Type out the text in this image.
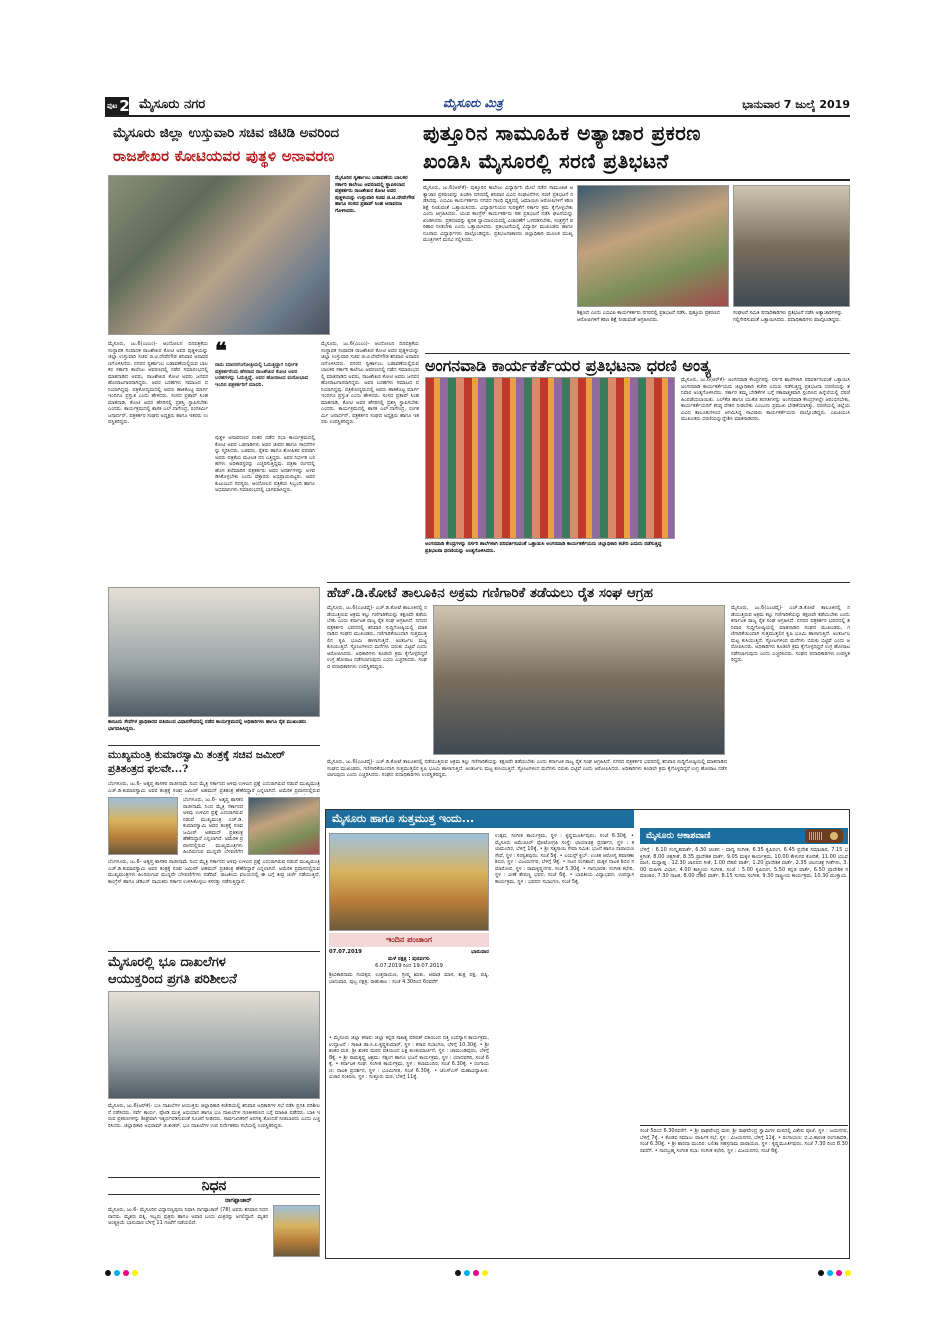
ಪುಟ 2 ಮೈಸೂರು ನಗರ	ಮೈಸೂರು ಮಿತ್ರ	ಭಾನುವಾರ 7 ಜುಲೈ 2019
ಮೈಸೂರು ಜಿಲ್ಲಾ ಉಸ್ತುವಾರಿ ಸಚಿವ ಜಿಟಿಡಿ ಅವರಿಂದ
ರಾಜಶೇಖರ ಕೋಟಿಯವರ ಪುತ್ಥಳಿ ಅನಾವರಣ
ಮೈಸೂರಿನ ಸ್ವರ್ಣಾಂಬ ಬಡಾವಣೆಯ ಬಾಲಕರ ಸರ್ಕಾರಿ ಕಾಲೇಜು ಆವರಣದಲ್ಲಿ ಸ್ಥಾಪಿಸಲಾದ ಪತ್ರಕರ್ತರು ರಾಜಶೇಖರ ಕೋಟಿ ಅವರ ಪುತ್ಥಳಿಯನ್ನು ಉಸ್ತುವಾರಿ ಸಚಿವ ಜಿ.ಟಿ.ದೇವೇಗೌಡ ಹಾಗೂ ಸಂಸದ ಪ್ರತಾಪ್ ಸಿಂಹ ಅನಾವರಣ ಗೊಳಿಸಿದರು.
ಮೈಸೂರು, ಜು.6(ಎಂಎಂ)- ಆಂದೋಲನ ದಿನಪತ್ರಿಕೆಯ ಸಂಸ್ಥಾಪಕ ಸಂಪಾದಕ ರಾಜಶೇಖರ ಕೋಟಿ ಅವರ ಪುತ್ಥಳಿಯನ್ನು ಜಿಲ್ಲಾ ಉಸ್ತುವಾರಿ ಸಚಿವ ಜಿ.ಟಿ.ದೇವೇಗೌಡ ಶನಿವಾರ ಅನಾವರಣಗೊಳಿಸಿದರು. ನಗರದ ಸ್ವರ್ಣಾಂಬ ಬಡಾವಣೆಯಲ್ಲಿರುವ ಬಾಲಕರ ಸರ್ಕಾರಿ ಕಾಲೇಜು ಆವರಣದಲ್ಲಿ ನಡೆದ ಸಮಾರಂಭದಲ್ಲಿ ಮಾತನಾಡಿದ ಅವರು, ರಾಜಶೇಖರ ಕೋಟಿ ಅವರು ಜನಪರ ಹೋರಾಟಗಾರರಾಗಿದ್ದರು. ಅವರ ಬರಹಗಳು ಸಮಾಜದ ದನಿಯಾಗಿದ್ದವು. ಪತ್ರಿಕೋದ್ಯಮದಲ್ಲಿ ಅವರು ಹಾಕಿಕೊಟ್ಟ ಮಾರ್ಗ ಇಂದಿಗೂ ಪ್ರಸ್ತುತ ಎಂದು ಹೇಳಿದರು. ಸಂಸದ ಪ್ರತಾಪ್ ಸಿಂಹ ಮಾತನಾಡಿ, ಕೋಟಿ ಅವರ ಹೆಸರಿನಲ್ಲಿ ಪ್ರಶಸ್ತಿ ಸ್ಥಾಪಿಸಬೇಕು ಎಂದರು. ಕಾರ್ಯಕ್ರಮದಲ್ಲಿ ಶಾಸಕ ಎಲ್.ನಾಗೇಂದ್ರ, ರಂಗಕರ್ಮಿ ಜನಾರ್ದನ್, ಪತ್ರಕರ್ತರ ಸಂಘದ ಅಧ್ಯಕ್ಷರು ಹಾಗೂ ಇತರರು ಉಪಸ್ಥಿತರಿದ್ದರು.
❝
ನಾನು ಮಾನಸಗಂಗೋತ್ರಿಯಲ್ಲಿ ಓದುತ್ತಿದ್ದಾಗ ನಿರ್ಭೀತ ಪತ್ರಕರ್ತರೆಂದು ಹೆಸರಾದ ರಾಜಶೇಖರ ಕೋಟಿ ಅವರ ಬರಹಗಳನ್ನು ಓದುತ್ತಿದ್ದೆ. ಅವರ ಹೋರಾಟದ ಮನೋಭಾವ ಇಂದಿನ ಪತ್ರಕರ್ತರಿಗೆ ಮಾದರಿ.
ಪುತ್ಥಳಿ ಅನಾವರಣದ ನಂತರ ನಡೆದ ಸಭಾ ಕಾರ್ಯಕ್ರಮದಲ್ಲಿ ಕೋಟಿ ಅವರ ಒಡನಾಡಿಗಳು ಅವರ ಜೀವನ ಹಾಗೂ ಸಾಧನೆಗಳನ್ನು ಸ್ಮರಿಸಿದರು. ಬಡವರು, ರೈತರು ಹಾಗೂ ಶೋಷಿತರ ಪರವಾಗಿ ಅವರು ಪತ್ರಿಕೆಯ ಮೂಲಕ ದನಿ ಎತ್ತಿದ್ದರು. ಅವರ ನಿರ್ಭೀತ ಬರಹಗಳು ಅಧಿಕಾರಸ್ಥರನ್ನು ಎಚ್ಚರಿಸುತ್ತಿದ್ದವು. ಪತ್ರಿಕಾ ರಂಗದಲ್ಲಿ ಹೊಸ ತಲೆಮಾರಿನ ಪತ್ರಕರ್ತರು ಅವರ ಆದರ್ಶಗಳನ್ನು ಅಳವಡಿಸಿಕೊಳ್ಳಬೇಕು ಎಂದು ವಕ್ತಾರರು ಅಭಿಪ್ರಾಯಪಟ್ಟರು. ಅವರ ಕುಟುಂಬದ ಸದಸ್ಯರು, ಆಂದೋಲನ ಪತ್ರಿಕೆಯ ಸಿಬ್ಬಂದಿ ಹಾಗೂ ಅಭಿಮಾನಿಗಳು ಸಮಾರಂಭದಲ್ಲಿ ಭಾಗವಹಿಸಿದ್ದರು.
ಮೈಸೂರು, ಜು.6(ಎಂಎಂ)- ಆಂದೋಲನ ದಿನಪತ್ರಿಕೆಯ ಸಂಸ್ಥಾಪಕ ಸಂಪಾದಕ ರಾಜಶೇಖರ ಕೋಟಿ ಅವರ ಪುತ್ಥಳಿಯನ್ನು ಜಿಲ್ಲಾ ಉಸ್ತುವಾರಿ ಸಚಿವ ಜಿ.ಟಿ.ದೇವೇಗೌಡ ಶನಿವಾರ ಅನಾವರಣಗೊಳಿಸಿದರು. ನಗರದ ಸ್ವರ್ಣಾಂಬ ಬಡಾವಣೆಯಲ್ಲಿರುವ ಬಾಲಕರ ಸರ್ಕಾರಿ ಕಾಲೇಜು ಆವರಣದಲ್ಲಿ ನಡೆದ ಸಮಾರಂಭದಲ್ಲಿ ಮಾತನಾಡಿದ ಅವರು, ರಾಜಶೇಖರ ಕೋಟಿ ಅವರು ಜನಪರ ಹೋರಾಟಗಾರರಾಗಿದ್ದರು. ಅವರ ಬರಹಗಳು ಸಮಾಜದ ದನಿಯಾಗಿದ್ದವು. ಪತ್ರಿಕೋದ್ಯಮದಲ್ಲಿ ಅವರು ಹಾಕಿಕೊಟ್ಟ ಮಾರ್ಗ ಇಂದಿಗೂ ಪ್ರಸ್ತುತ ಎಂದು ಹೇಳಿದರು. ಸಂಸದ ಪ್ರತಾಪ್ ಸಿಂಹ ಮಾತನಾಡಿ, ಕೋಟಿ ಅವರ ಹೆಸರಿನಲ್ಲಿ ಪ್ರಶಸ್ತಿ ಸ್ಥಾಪಿಸಬೇಕು ಎಂದರು. ಕಾರ್ಯಕ್ರಮದಲ್ಲಿ ಶಾಸಕ ಎಲ್.ನಾಗೇಂದ್ರ, ರಂಗಕರ್ಮಿ ಜನಾರ್ದನ್, ಪತ್ರಕರ್ತರ ಸಂಘದ ಅಧ್ಯಕ್ಷರು ಹಾಗೂ ಇತರರು ಉಪಸ್ಥಿತರಿದ್ದರು.
ಪುತ್ತೂರಿನ ಸಾಮೂಹಿಕ ಅತ್ಯಾಚಾರ ಪ್ರಕರಣ
ಖಂಡಿಸಿ ಮೈಸೂರಲ್ಲಿ ಸರಣಿ ಪ್ರತಿಭಟನೆ
ಮೈಸೂರು, ಜು.6(ಆರ್‌ಕೆ)- ಪುತ್ತೂರಿನ ಕಾಲೇಜು ವಿದ್ಯಾರ್ಥಿನಿ ಮೇಲೆ ನಡೆದ ಸಾಮೂಹಿಕ ಅತ್ಯಾಚಾರ ಪ್ರಕರಣವನ್ನು ಖಂಡಿಸಿ ನಗರದಲ್ಲಿ ಶನಿವಾರ ವಿವಿಧ ಸಂಘಟನೆಗಳು ಸರಣಿ ಪ್ರತಿಭಟನೆ ನಡೆಸಿದವು. ಎಬಿವಿಪಿ ಕಾರ್ಯಕರ್ತರು ನಗರದ ಗಾಂಧಿ ವೃತ್ತದಲ್ಲಿ ಜಮಾಯಿಸಿ ಆರೋಪಿಗಳಿಗೆ ಕಠಿಣ ಶಿಕ್ಷೆ ನೀಡುವಂತೆ ಒತ್ತಾಯಿಸಿದರು. ವಿದ್ಯಾರ್ಥಿನಿಯರ ಸುರಕ್ಷತೆಗೆ ಸರ್ಕಾರ ಕ್ರಮ ಕೈಗೊಳ್ಳಬೇಕು ಎಂದು ಆಗ್ರಹಿಸಿದರು. ಯುವ ಕಾಂಗ್ರೆಸ್ ಕಾರ್ಯಕರ್ತರು ಸಹ ಪ್ರತಿಭಟನೆ ನಡೆಸಿ ಘಟನೆಯನ್ನು ಖಂಡಿಸಿದರು. ಪ್ರಕರಣವನ್ನು ತ್ವರಿತ ನ್ಯಾಯಾಲಯದಲ್ಲಿ ವಿಚಾರಣೆಗೆ ಒಳಪಡಿಸಬೇಕು, ಸಂತ್ರಸ್ತೆಗೆ ಪರಿಹಾರ ನೀಡಬೇಕು ಎಂದು ಒತ್ತಾಯಿಸಿದರು. ಪ್ರತಿಭಟನೆಯಲ್ಲಿ ವಿದ್ಯಾರ್ಥಿ ಮುಖಂಡರು ಹಾಗೂ ನೂರಾರು ವಿದ್ಯಾರ್ಥಿಗಳು ಪಾಲ್ಗೊಂಡಿದ್ದರು. ಪ್ರತಿಭಟನಾಕಾರರು ಜಿಲ್ಲಾಧಿಕಾರಿ ಮೂಲಕ ಮುಖ್ಯಮಂತ್ರಿಗಳಿಗೆ ಮನವಿ ಸಲ್ಲಿಸಿದರು.
ಶಿಕ್ಷಣದ ಎಂದು ಎಬಿವಿಪಿ ಕಾರ್ಯಕರ್ತರು ನಗರದಲ್ಲಿ ಪ್ರತಿಭಟನೆ ನಡೆಸಿ, ಪುತ್ತೂರು ಪ್ರಕರಣದ ಆರೋಪಿಗಳಿಗೆ ಕಠಿಣ ಶಿಕ್ಷೆ ನೀಡುವಂತೆ ಆಗ್ರಹಿಸಿದರು.
ಸಂಘಟನೆ ಸಮಿತಿ ಪದಾಧಿಕಾರಿಗಳು ಪ್ರತಿಭಟನೆ ನಡೆಸಿ ಅತ್ಯಾಚಾರಿಗಳನ್ನು ಗಲ್ಲಿಗೇರಿಸುವಂತೆ ಒತ್ತಾಯಿಸಿದರು. ಪದಾಧಿಕಾರಿಗಳು ಪಾಲ್ಗೊಂಡಿದ್ದರು.
ಅಂಗನವಾಡಿ ಕಾರ್ಯಕರ್ತೆಯರ ಪ್ರತಿಭಟನಾ ಧರಣಿ ಅಂತ್ಯ
ಅಂಗನವಾಡಿ ಕೇಂದ್ರಗಳನ್ನು ನರ್ಸರಿ ಶಾಲೆಗಳಾಗಿ ಪರಿವರ್ತಿಸುವಂತೆ ಒತ್ತಾಯಿಸಿ ಅಂಗನವಾಡಿ ಕಾರ್ಯಕರ್ತೆಯರು ಜಿಲ್ಲಾಧಿಕಾರಿ ಕಚೇರಿ ಎದುರು ನಡೆಸುತ್ತಿದ್ದ ಪ್ರತಿಭಟನಾ ಧರಣಿಯನ್ನು ಅಂತ್ಯಗೊಳಿಸಿದರು.
ಮೈಸೂರು, ಜು.6(ಆರ್‌ಕೆ)- ಅಂಗನವಾಡಿ ಕೇಂದ್ರಗಳನ್ನು ನರ್ಸರಿ ಶಾಲೆಗಳಾಗಿ ಪರಿವರ್ತಿಸುವಂತೆ ಒತ್ತಾಯಿಸಿ ಅಂಗನವಾಡಿ ಕಾರ್ಯಕರ್ತೆಯರು ಜಿಲ್ಲಾಧಿಕಾರಿ ಕಚೇರಿ ಎದುರು ನಡೆಸುತ್ತಿದ್ದ ಪ್ರತಿಭಟನಾ ಧರಣಿಯನ್ನು ಶನಿವಾರ ಅಂತ್ಯಗೊಳಿಸಿದರು. ಸರ್ಕಾರ ತಮ್ಮ ಬೇಡಿಕೆಗಳ ಬಗ್ಗೆ ಸಕಾರಾತ್ಮಕವಾಗಿ ಸ್ಪಂದಿಸಿದ ಹಿನ್ನೆಲೆಯಲ್ಲಿ ಧರಣಿ ಹಿಂಪಡೆಯಲಾಯಿತು. ಎಲ್‌ಕೆಜಿ ಹಾಗೂ ಯುಕೆಜಿ ತರಗತಿಗಳನ್ನು ಅಂಗನವಾಡಿ ಕೇಂದ್ರಗಳಲ್ಲೇ ಆರಂಭಿಸಬೇಕು, ಕಾರ್ಯಕರ್ತೆಯರಿಗೆ ಕನಿಷ್ಠ ವೇತನ ನೀಡಬೇಕು ಎಂಬುದು ಪ್ರಮುಖ ಬೇಡಿಕೆಯಾಗಿತ್ತು. ಧರಣಿಯಲ್ಲಿ ಜಿಲ್ಲೆಯ ವಿವಿಧ ತಾಲೂಕುಗಳಿಂದ ಆಗಮಿಸಿದ್ದ ಸಾವಿರಾರು ಕಾರ್ಯಕರ್ತೆಯರು ಪಾಲ್ಗೊಂಡಿದ್ದರು. ಎಐಟಿಯುಸಿ ಮುಖಂಡರು ಧರಣಿಯನ್ನುದ್ದೇಶಿಸಿ ಮಾತನಾಡಿದರು.
ಕಾನೂನು ಸೇವೆಗಳ ಪ್ರಾಧಿಕಾರದ ವತಿಯಿಂದ ವಿಧಾನಸೌಧದಲ್ಲಿ ನಡೆದ ಕಾರ್ಯಕ್ರಮದಲ್ಲಿ ಅಧಿಕಾರಿಗಳು ಹಾಗೂ ರೈತ ಮುಖಂಡರು ಭಾಗವಹಿಸಿದ್ದರು.
ಹೆಚ್.ಡಿ.ಕೋಟೆ ತಾಲೂಕಿನ ಅಕ್ರಮ ಗಣಿಗಾರಿಕೆ ತಡೆಯಲು ರೈತ ಸಂಘ ಆಗ್ರಹ
ಮೈಸೂರು, ಜು.6(ಎಂಟಿವೈ)- ಎಚ್.ಡಿ.ಕೋಟೆ ತಾಲೂಕಿನಲ್ಲಿ ನಡೆಯುತ್ತಿರುವ ಅಕ್ರಮ ಕಲ್ಲು ಗಣಿಗಾರಿಕೆಯನ್ನು ತಕ್ಷಣವೇ ತಡೆಯಬೇಕು ಎಂದು ಕರ್ನಾಟಕ ರಾಜ್ಯ ರೈತ ಸಂಘ ಆಗ್ರಹಿಸಿದೆ. ನಗರದ ಪತ್ರಕರ್ತರ ಭವನದಲ್ಲಿ ಶನಿವಾರ ಸುದ್ದಿಗೋಷ್ಠಿಯಲ್ಲಿ ಮಾತನಾಡಿದ ಸಂಘದ ಮುಖಂಡರು, ಗಣಿಗಾರಿಕೆಯಿಂದಾಗಿ ಸುತ್ತಮುತ್ತಲಿನ ಕೃಷಿ ಭೂಮಿ ಹಾಳಾಗುತ್ತಿದೆ. ಅಂತರ್ಜಲ ಮಟ್ಟ ಕುಸಿಯುತ್ತಿದೆ. ಸ್ಫೋಟಗಳಿಂದ ಮನೆಗಳು ಬಿರುಕು ಬಿಟ್ಟಿವೆ ಎಂದು ಆರೋಪಿಸಿದರು. ಅಧಿಕಾರಿಗಳು ಕೂಡಲೇ ಕ್ರಮ ಕೈಗೊಳ್ಳದಿದ್ದರೆ ಉಗ್ರ ಹೋರಾಟ ನಡೆಸಲಾಗುವುದು ಎಂದು ಎಚ್ಚರಿಸಿದರು. ಸಂಘದ ಪದಾಧಿಕಾರಿಗಳು ಉಪಸ್ಥಿತರಿದ್ದರು.
ಮೈಸೂರು, ಜು.6(ಎಂಟಿವೈ)- ಎಚ್.ಡಿ.ಕೋಟೆ ತಾಲೂಕಿನಲ್ಲಿ ನಡೆಯುತ್ತಿರುವ ಅಕ್ರಮ ಕಲ್ಲು ಗಣಿಗಾರಿಕೆಯನ್ನು ತಕ್ಷಣವೇ ತಡೆಯಬೇಕು ಎಂದು ಕರ್ನಾಟಕ ರಾಜ್ಯ ರೈತ ಸಂಘ ಆಗ್ರಹಿಸಿದೆ. ನಗರದ ಪತ್ರಕರ್ತರ ಭವನದಲ್ಲಿ ಶನಿವಾರ ಸುದ್ದಿಗೋಷ್ಠಿಯಲ್ಲಿ ಮಾತನಾಡಿದ ಸಂಘದ ಮುಖಂಡರು, ಗಣಿಗಾರಿಕೆಯಿಂದಾಗಿ ಸುತ್ತಮುತ್ತಲಿನ ಕೃಷಿ ಭೂಮಿ ಹಾಳಾಗುತ್ತಿದೆ. ಅಂತರ್ಜಲ ಮಟ್ಟ ಕುಸಿಯುತ್ತಿದೆ. ಸ್ಫೋಟಗಳಿಂದ ಮನೆಗಳು ಬಿರುಕು ಬಿಟ್ಟಿವೆ ಎಂದು ಆರೋಪಿಸಿದರು. ಅಧಿಕಾರಿಗಳು ಕೂಡಲೇ ಕ್ರಮ ಕೈಗೊಳ್ಳದಿದ್ದರೆ ಉಗ್ರ ಹೋರಾಟ ನಡೆಸಲಾಗುವುದು ಎಂದು ಎಚ್ಚರಿಸಿದರು. ಸಂಘದ ಪದಾಧಿಕಾರಿಗಳು ಉಪಸ್ಥಿತರಿದ್ದರು.
ಮೈಸೂರು, ಜು.6(ಎಂಟಿವೈ)- ಎಚ್.ಡಿ.ಕೋಟೆ ತಾಲೂಕಿನಲ್ಲಿ ನಡೆಯುತ್ತಿರುವ ಅಕ್ರಮ ಕಲ್ಲು ಗಣಿಗಾರಿಕೆಯನ್ನು ತಕ್ಷಣವೇ ತಡೆಯಬೇಕು ಎಂದು ಕರ್ನಾಟಕ ರಾಜ್ಯ ರೈತ ಸಂಘ ಆಗ್ರಹಿಸಿದೆ. ನಗರದ ಪತ್ರಕರ್ತರ ಭವನದಲ್ಲಿ ಶನಿವಾರ ಸುದ್ದಿಗೋಷ್ಠಿಯಲ್ಲಿ ಮಾತನಾಡಿದ ಸಂಘದ ಮುಖಂಡರು, ಗಣಿಗಾರಿಕೆಯಿಂದಾಗಿ ಸುತ್ತಮುತ್ತಲಿನ ಕೃಷಿ ಭೂಮಿ ಹಾಳಾಗುತ್ತಿದೆ. ಅಂತರ್ಜಲ ಮಟ್ಟ ಕುಸಿಯುತ್ತಿದೆ. ಸ್ಫೋಟಗಳಿಂದ ಮನೆಗಳು ಬಿರುಕು ಬಿಟ್ಟಿವೆ ಎಂದು ಆರೋಪಿಸಿದರು. ಅಧಿಕಾರಿಗಳು ಕೂಡಲೇ ಕ್ರಮ ಕೈಗೊಳ್ಳದಿದ್ದರೆ ಉಗ್ರ ಹೋರಾಟ ನಡೆಸಲಾಗುವುದು ಎಂದು ಎಚ್ಚರಿಸಿದರು. ಸಂಘದ ಪದಾಧಿಕಾರಿಗಳು ಉಪಸ್ಥಿತರಿದ್ದರು.
ಮುಖ್ಯಮಂತ್ರಿ ಕುಮಾರಸ್ವಾಮಿ ತಂತ್ರಕ್ಕೆ ಸಚಿವ ಜಮೀರ್ ಪ್ರತಿತಂತ್ರದ ಫಲವೇ...?
ಬೆಂಗಳೂರು, ಜು.6- ಅತೃಪ್ತ ಶಾಸಕರ ರಾಜೀನಾಮೆ ನಿಂದ ಮೈತ್ರಿ ಸರ್ಕಾರದ ಅಳಿವು ಉಳಿವಿನ ಪ್ರಶ್ನೆ ಎದುರಾಗಿರುವ ನಡುವೆ ಮುಖ್ಯಮಂತ್ರಿ ಎಚ್.ಡಿ.ಕುಮಾರಸ್ವಾಮಿ ಅವರ ತಂತ್ರಕ್ಕೆ ಸಚಿವ ಜಮೀರ್ ಅಹಮದ್ ಪ್ರತಿತಂತ್ರ ಹೆಣೆದಿದ್ದಾರೆ ಎನ್ನಲಾಗಿದೆ. ಅಮೆರಿಕ ಪ್ರವಾಸದಲ್ಲಿರುವ
ಬೆಂಗಳೂರು, ಜು.6- ಅತೃಪ್ತ ಶಾಸಕರ ರಾಜೀನಾಮೆ ನಿಂದ ಮೈತ್ರಿ ಸರ್ಕಾರದ ಅಳಿವು ಉಳಿವಿನ ಪ್ರಶ್ನೆ ಎದುರಾಗಿರುವ ನಡುವೆ ಮುಖ್ಯಮಂತ್ರಿ ಎಚ್.ಡಿ.ಕುಮಾರಸ್ವಾಮಿ ಅವರ ತಂತ್ರಕ್ಕೆ ಸಚಿವ ಜಮೀರ್ ಅಹಮದ್ ಪ್ರತಿತಂತ್ರ ಹೆಣೆದಿದ್ದಾರೆ ಎನ್ನಲಾಗಿದೆ. ಅಮೆರಿಕ ಪ್ರವಾಸದಲ್ಲಿರುವ ಮುಖ್ಯಮಂತ್ರಿಗಳು ಹಿಂದಿರುಗುವ ಮುನ್ನವೇ ಬೆಳವಣಿಗೆಗ
ಬೆಂಗಳೂರು, ಜು.6- ಅತೃಪ್ತ ಶಾಸಕರ ರಾಜೀನಾಮೆ ನಿಂದ ಮೈತ್ರಿ ಸರ್ಕಾರದ ಅಳಿವು ಉಳಿವಿನ ಪ್ರಶ್ನೆ ಎದುರಾಗಿರುವ ನಡುವೆ ಮುಖ್ಯಮಂತ್ರಿ ಎಚ್.ಡಿ.ಕುಮಾರಸ್ವಾಮಿ ಅವರ ತಂತ್ರಕ್ಕೆ ಸಚಿವ ಜಮೀರ್ ಅಹಮದ್ ಪ್ರತಿತಂತ್ರ ಹೆಣೆದಿದ್ದಾರೆ ಎನ್ನಲಾಗಿದೆ. ಅಮೆರಿಕ ಪ್ರವಾಸದಲ್ಲಿರುವ ಮುಖ್ಯಮಂತ್ರಿಗಳು ಹಿಂದಿರುಗುವ ಮುನ್ನವೇ ಬೆಳವಣಿಗೆಗಳು ನಡೆದಿವೆ. ರಾಜಕೀಯ ವಲಯದಲ್ಲಿ ಈ ಬಗ್ಗೆ ತೀವ್ರ ಚರ್ಚೆ ನಡೆಯುತ್ತಿದೆ. ಕಾಂಗ್ರೆಸ್ ಹಾಗೂ ಜೆಡಿಎಸ್ ನಾಯಕರು ಸರ್ಕಾರ ಉಳಿಸಿಕೊಳ್ಳಲು ಕಸರತ್ತು ನಡೆಸುತ್ತಿದ್ದಾರೆ.
ಮೈಸೂರಲ್ಲಿ ಭೂ ದಾಖಲೆಗಳ
ಆಯುಕ್ತರಿಂದ ಪ್ರಗತಿ ಪರಿಶೀಲನೆ
ಮೈಸೂರು, ಜು.6(ಆರ್‌ಕೆ)- ಭೂ ದಾಖಲೆಗಳ ಆಯುಕ್ತರು ಜಿಲ್ಲಾಧಿಕಾರಿ ಕಚೇರಿಯಲ್ಲಿ ಶನಿವಾರ ಅಧಿಕಾರಿಗಳ ಸಭೆ ನಡೆಸಿ ಪ್ರಗತಿ ಪರಿಶೀಲನೆ ನಡೆಸಿದರು. ಸರ್ವೆ ಕಾರ್ಯ, ಪೋಡಿ ಮುಕ್ತ ಅಭಿಯಾನ ಹಾಗೂ ಭೂ ದಾಖಲೆಗಳ ಗಣಕೀಕರಣದ ಬಗ್ಗೆ ಮಾಹಿತಿ ಪಡೆದರು. ಬಾಕಿ ಇರುವ ಪ್ರಕರಣಗಳನ್ನು ಶೀಘ್ರವಾಗಿ ಇತ್ಯರ್ಥಪಡಿಸುವಂತೆ ಸೂಚನೆ ನೀಡಿದರು. ಸಾರ್ವಜನಿಕರಿಗೆ ಅನಗತ್ಯ ತೊಂದರೆ ನೀಡಬಾರದು ಎಂದು ಎಚ್ಚರಿಸಿದರು. ಜಿಲ್ಲಾಧಿಕಾರಿ ಅಭಿರಾಮ್ ಜಿ.ಶಂಕರ್, ಭೂ ದಾಖಲೆಗಳ ಉಪ ನಿರ್ದೇಶಕರು ಸಭೆಯಲ್ಲಿ ಉಪಸ್ಥಿತರಿದ್ದರು.
ನಿಧನ
ನಾಗಪ್ಪಾಚಾರ್
ಮೈಸೂರು, ಜು.6- ಮೈಸೂರಿನ ವಿದ್ಯಾರಣ್ಯಪುರಂ ನಿವಾಸಿ ನಾಗಪ್ಪಾಚಾರ್ (78) ಅವರು ಶನಿವಾರ ನಿಧನರಾದರು. ಮೃತರು ಪತ್ನಿ, ಇಬ್ಬರು ಪುತ್ರರು ಹಾಗೂ ಅಪಾರ ಬಂಧು ಮಿತ್ರರನ್ನು ಅಗಲಿದ್ದಾರೆ. ಮೃತರ ಅಂತ್ಯಕ್ರಿಯೆ ಭಾನುವಾರ ಬೆಳಿಗ್ಗೆ 11 ಗಂಟೆಗೆ ನಡೆಯಲಿದೆ.
ಮೈಸೂರು ಹಾಗೂ ಸುತ್ತಮುತ್ತ ಇಂದು...
ಇಂದಿನ ಪಂಚಾಂಗ
07.07.2019	ಭಾನುವಾರ
ಮಳೆ ನಕ್ಷತ್ರ : ಪುನರ್ವಸು
6.07.2019 ರಿಂದ 19.07.2019
ಶ್ರೀವಿಕಾರಿನಾಮ ಸಂವತ್ಸರ, ಉತ್ತರಾಯಣ, ಗ್ರೀಷ್ಮ ಋತು, ಆಷಾಢ ಮಾಸ, ಶುಕ್ಲ ಪಕ್ಷ, ಷಷ್ಠಿ, ಭಾನುವಾರ, ಪುಬ್ಬ ನಕ್ಷತ್ರ. ರಾಹುಕಾಲ : ಸಂಜೆ 4.30ರಿಂದ 6ರವರೆಗೆ
• ಮೈಸೂರು ಜಿಲ್ಲಾ ಕಸಾಪ: ಜಿಲ್ಲಾ ಕನ್ನಡ ಸಾಹಿತ್ಯ ಪರಿಷತ್ ವತಿಯಿಂದ ದತ್ತಿ ಉಪನ್ಯಾಸ ಕಾರ್ಯಕ್ರಮ, ಉದ್ಘಾಟನೆ : ಸಾಹಿತಿ ಡಾ.ಸಿ.ಪಿ.ಕೃಷ್ಣಕುಮಾರ್, ಸ್ಥಳ : ಕಸಾಪ ಸಭಾಂಗಣ, ಬೆಳಿಗ್ಗೆ 10.30ಕ್ಕೆ. • ಶ್ರೀ ಶಂಕರ ಮಠ: ಶ್ರೀ ಶಂಕರ ಮಠದ ವತಿಯಿಂದ ಲಕ್ಷ ಕುಂಕುಮಾರ್ಚನೆ, ಸ್ಥಳ : ಚಾಮುಂಡಿಪುರಂ, ಬೆಳಿಗ್ಗೆ 8ಕ್ಕೆ. • ಶ್ರೀ ರಾಮಕೃಷ್ಣ ಆಶ್ರಮ: ಸತ್ಸಂಗ ಹಾಗೂ ಭಜನೆ ಕಾರ್ಯಕ್ರಮ, ಸ್ಥಳ : ಯಾದವಗಿರಿ, ಸಂಜೆ 6ಕ್ಕೆ. • ಕರ್ನಾಟಕ ಸಂಘ: ಸಂಗೀತ ಕಾರ್ಯಕ್ರಮ, ಸ್ಥಳ : ಕಲಾಮಂದಿರ, ಸಂಜೆ 6.30ಕ್ಕೆ. • ರಂಗಾಯಣ: ನಾಟಕ ಪ್ರದರ್ಶನ, ಸ್ಥಳ : ಭೂಮಿಗೀತ, ಸಂಜೆ 6.30ಕ್ಕೆ. • ಜೆಎಸ್‌ಎಸ್ ಮಹಾವಿದ್ಯಾಪೀಠ: ವಿಚಾರ ಸಂಕಿರಣ, ಸ್ಥಳ : ಸುತ್ತೂರು ಮಠ, ಬೆಳಿಗ್ಗೆ 11ಕ್ಕೆ.
ಉತ್ಸವ, ಸಂಗೀತ ಕಾರ್ಯಕ್ರಮ, ಸ್ಥಳ : ಕೃಷ್ಣಮೂರ್ತಿಪುರಂ, ಸಂಜೆ 6.30ಕ್ಕೆ. • ಮೈಸೂರು ಅಮೆಚೂರ್ ಫೋಟೋಗ್ರಫಿ ಸಂಸ್ಥೆ: ಛಾಯಾಚಿತ್ರ ಪ್ರದರ್ಶನ, ಸ್ಥಳ : ಕಲಾಮಂದಿರ, ಬೆಳಿಗ್ಗೆ 10ಕ್ಕೆ. • ಶ್ರೀ ಸತ್ಯಸಾಯಿ ಸೇವಾ ಸಮಿತಿ: ಭಜನೆ ಹಾಗೂ ನಾರಾಯಣ ಸೇವೆ, ಸ್ಥಳ : ಸರಸ್ವತಿಪುರಂ, ಸಂಜೆ 5ಕ್ಕೆ. • ಲಯನ್ಸ್ ಕ್ಲಬ್: ಉಚಿತ ಆರೋಗ್ಯ ತಪಾಸಣಾ ಶಿಬಿರ, ಸ್ಥಳ : ವಿಜಯನಗರ, ಬೆಳಿಗ್ಗೆ 9ಕ್ಕೆ. • ನಟನ ರಂಗಶಾಲೆ: ಮಕ್ಕಳ ನಾಟಕ ಶಿಬಿರ ಸಮಾರೋಪ, ಸ್ಥಳ : ರಾಮಕೃಷ್ಣನಗರ, ಸಂಜೆ 5.30ಕ್ಕೆ. • ಗಾನಭಾರತಿ: ಸಂಗೀತ ಕಛೇರಿ, ಸ್ಥಳ : ವೀಣೆ ಶೇಷಣ್ಣ ಭವನ, ಸಂಜೆ 6ಕ್ಕೆ. • ಭಾರತೀಯ ವಿದ್ಯಾಭವನ: ಉಪನ್ಯಾಸ ಕಾರ್ಯಕ್ರಮ, ಸ್ಥಳ : ಭವನದ ಸಭಾಂಗಣ, ಸಂಜೆ 5ಕ್ಕೆ.
ಮೈಸೂರು ಆಕಾಶವಾಣಿ
ಬೆಳಿಗ್ಗೆ : 6.10 ಸಂಸ್ಕೃತವಾರ್ತೆ, 6.30 ಚಿಂತನ - ವಾದ್ಯ ಸಂಗೀತ, 6.35 ಕೃಷಿರಂಗ, 6.45 ಪ್ರದೇಶ ಸಮಾಚಾರ, 7.15 ಭಕ್ತಿಗೀತೆ, 8.00 ಚಿತ್ರಗೀತೆ, 8.35 ಪ್ರಾದೇಶಿಕ ವಾರ್ತೆ, 9.05 ಮಕ್ಕಳ ಕಾರ್ಯಕ್ರಮ, 10.00 ಕೇಳುಗರ ಕೋರಿಕೆ, 11.00 ಯುವವಾಣಿ, ಮಧ್ಯಾಹ್ನ : 12.30 ಜಾನಪದ ಗೀತೆ, 1.00 ದೆಹಲಿ ವಾರ್ತೆ, 1.20 ಪ್ರಾದೇಶಿಕ ವಾರ್ತೆ, 2.35 ಚಲನಚಿತ್ರ ಗೀತೆಗಳು, 3.00 ಮಹಿಳಾ ವಿಭಾಗ, 4.00 ಶಾಸ್ತ್ರೀಯ ಸಂಗೀತ, ಸಂಜೆ : 5.00 ಕೃಷಿರಂಗ, 5.50 ಕನ್ನಡ ವಾರ್ತೆ, 6.50 ಪ್ರಾದೇಶಿಕ ಸಮಾಚಾರ, 7.30 ನಾಟಕ, 8.00 ದೆಹಲಿ ವಾರ್ತೆ, 8.15 ಸುಗಮ ಸಂಗೀತ, 9.30 ರಾಷ್ಟ್ರೀಯ ಕಾರ್ಯಕ್ರಮ, 10.30 ಮುಕ್ತಾಯ.
ಸಂಜೆ 5ರಿಂದ 6.30ರವರೆಗೆ. • ಶ್ರೀ ರಾಘವೇಂದ್ರ ಮಠ: ಶ್ರೀ ರಾಘವೇಂದ್ರ ಸ್ವಾಮಿಗಳ ಮಠದಲ್ಲಿ ವಿಶೇಷ ಪೂಜೆ, ಸ್ಥಳ : ಜಯನಗರ, ಬೆಳಿಗ್ಗೆ 7ಕ್ಕೆ. • ಕೊಡವ ಸಮಾಜ: ವಾರ್ಷಿಕ ಸಭೆ, ಸ್ಥಳ : ವಿಜಯನಗರ, ಬೆಳಿಗ್ಗೆ 11ಕ್ಕೆ. • ರಂಗಾಯಣ: ಬಿ.ವಿ.ಕಾರಂತ ರಂಗಚಾವಡಿ, ಸಂಜೆ 6.30ಕ್ಕೆ. • ಶ್ರೀ ಶಾರದಾ ಮಂದಿರ: ಲಲಿತಾ ಸಹಸ್ರನಾಮ ಪಾರಾಯಣ, ಸ್ಥಳ : ಕೃಷ್ಣಮೂರ್ತಿಪುರಂ, ಸಂಜೆ 7.30 ರಿಂದ 8.30ರವರೆಗೆ. • ನಾದಬ್ರಹ್ಮ ಸಂಗೀತ ಸಭಾ: ಸಂಗೀತ ಕಛೇರಿ, ಸ್ಥಳ : ವಿಜಯನಗರ, ಸಂಜೆ 6ಕ್ಕೆ.
